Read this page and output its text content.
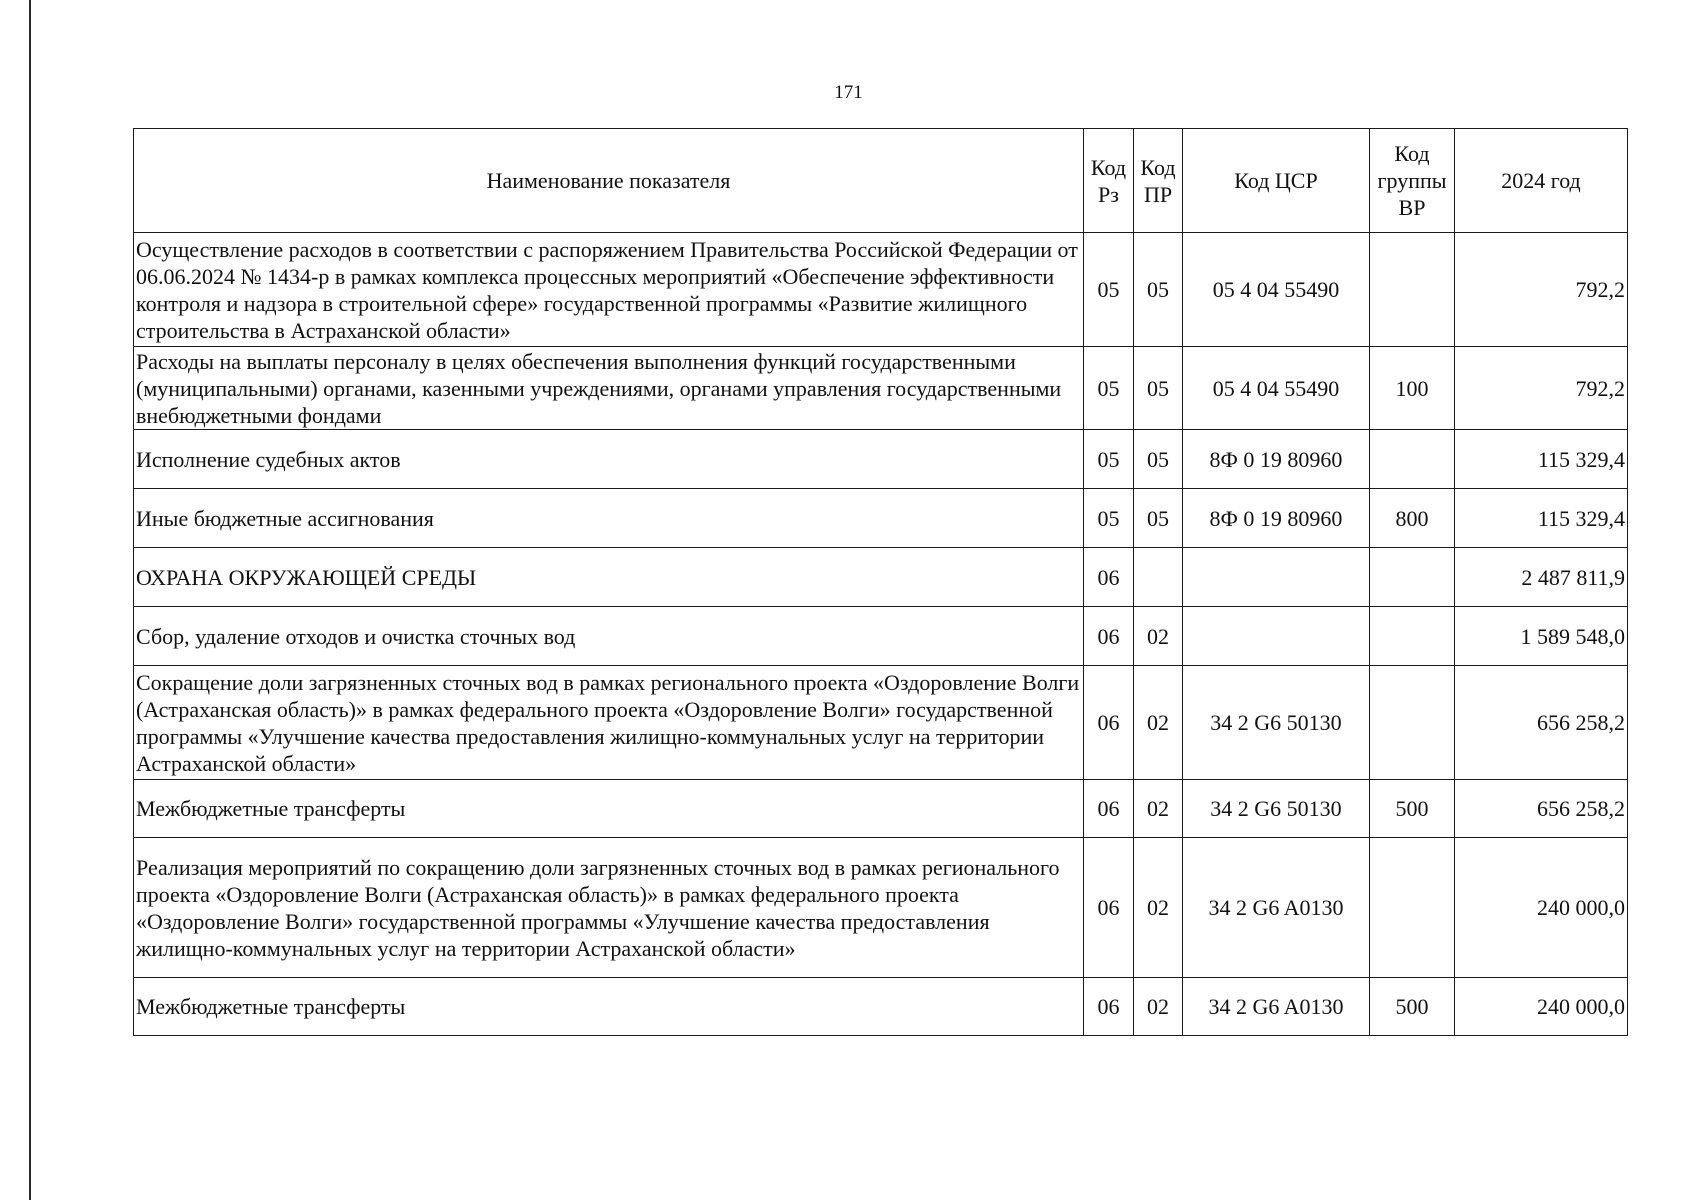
171
Наименование показателя	Код Рз	Код ПР	Код ЦСР	Код группы ВР	2024 год
Осуществление расходов в соответствии с распоряжением Правительства Российской Федерации от 06.06.2024 № 1434-р в рамках комплекса процессных мероприятий «Обеспечение эффективности контроля и надзора в строительной сфере» государственной программы «Развитие жилищного строительства в Астраханской области»	05	05	05 4 04 55490		792,2
Расходы на выплаты персоналу в целях обеспечения выполнения функций государственными (муниципальными) органами, казенными учреждениями, органами управления государственными внебюджетными фондами	05	05	05 4 04 55490	100	792,2
Исполнение судебных актов	05	05	8Ф 0 19 80960		115 329,4
Иные бюджетные ассигнования	05	05	8Ф 0 19 80960	800	115 329,4
ОХРАНА ОКРУЖАЮЩЕЙ СРЕДЫ	06				2 487 811,9
Сбор, удаление отходов и очистка сточных вод	06	02			1 589 548,0
Сокращение доли загрязненных сточных вод в рамках регионального проекта «Оздоровление Волги (Астраханская область)» в рамках федерального проекта «Оздоровление Волги» государственной программы «Улучшение качества предоставления жилищно-коммунальных услуг на территории Астраханской области»	06	02	34 2 G6 50130		656 258,2
Межбюджетные трансферты	06	02	34 2 G6 50130	500	656 258,2
Реализация мероприятий по сокращению доли загрязненных сточных вод в рамках регионального проекта «Оздоровление Волги (Астраханская область)» в рамках федерального проекта «Оздоровление Волги» государственной программы «Улучшение качества предоставления жилищно-коммунальных услуг на территории Астраханской области»	06	02	34 2 G6 A0130		240 000,0
Межбюджетные трансферты	06	02	34 2 G6 A0130	500	240 000,0
